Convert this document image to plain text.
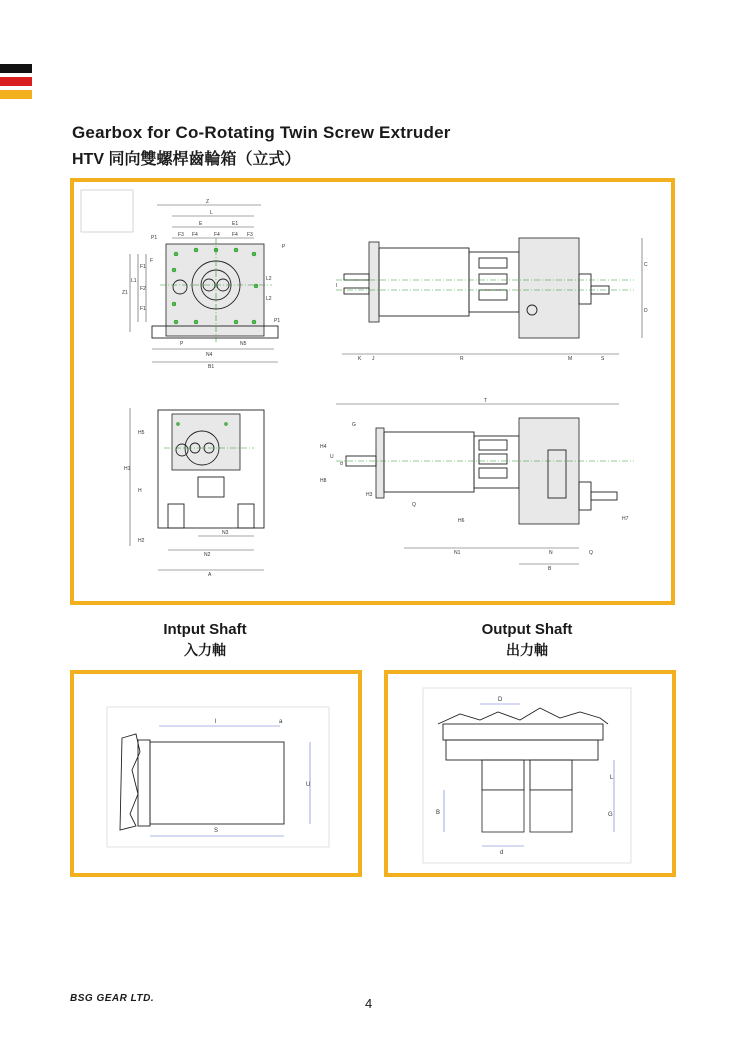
Gearbox for Co-Rotating Twin Screw Extruder
HTV 同向雙螺桿齒輪箱（立式）
Z
L
E	E1
F3 F4	F4 F4 F3
P1
P
Z1
L1
F1
F2
F1
F
L2
L2
P1
P
N4
N5
B1
C
D
I
K J	R	M	S
H5
H1
H
H2
N3
N2
A
T
G
H4
U
d
H8
H3
Q
H6	H7
N1	N	Q
B
Intput Shaft
入力軸
Output Shaft
出力軸
l	a
U
S
D
L
B	G
d
BSG GEAR LTD.	4
